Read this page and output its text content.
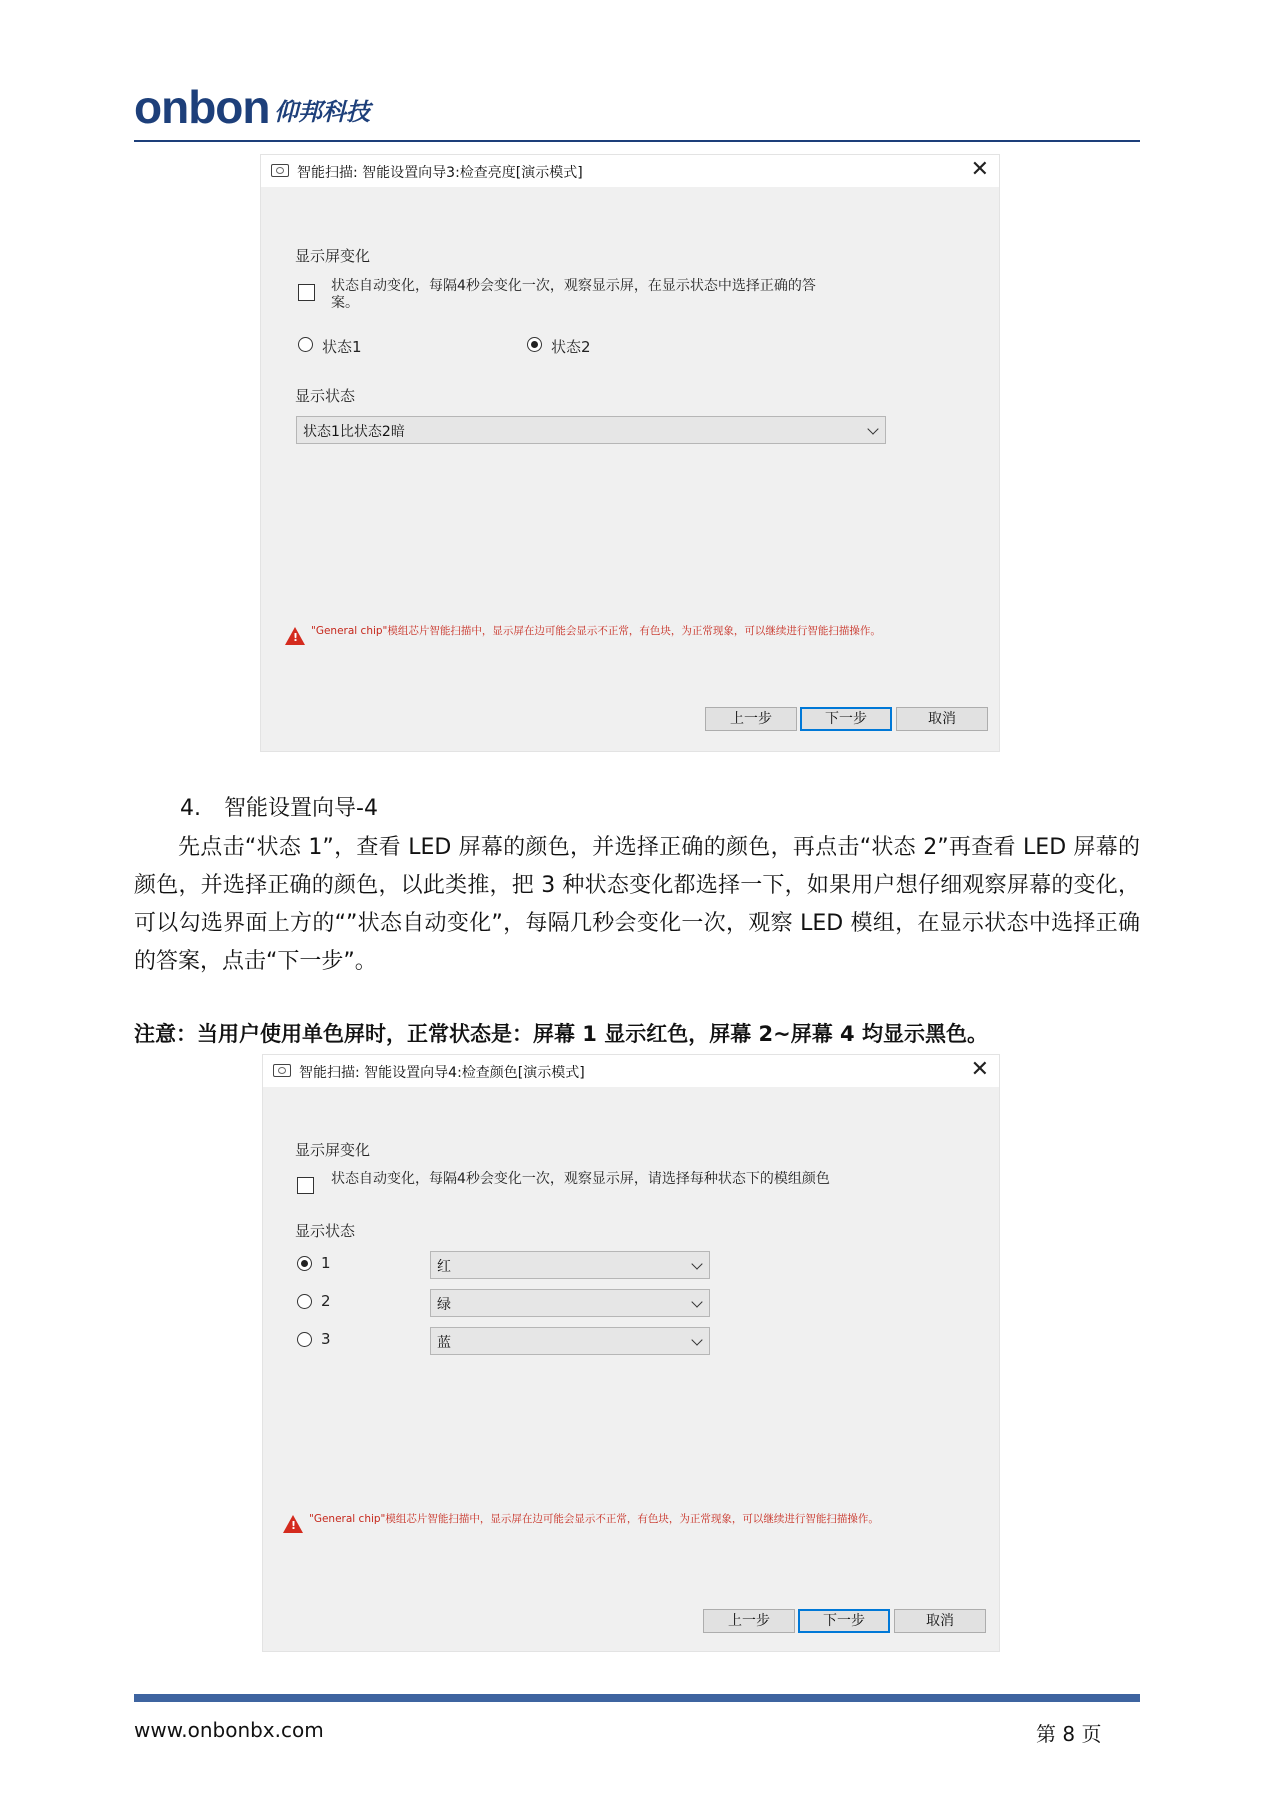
onbon 仰邦科技
智能扫描: 智能设置向导3:检查亮度[演示模式]	✕
显示屏变化
状态自动变化，每隔4秒会变化一次，观察显示屏，在显示状态中选择正确的答案。
状态1	状态2
显示状态
状态1比状态2暗
! "General chip"模组芯片智能扫描中，显示屏在边可能会显示不正常，有色块，为正常现象，可以继续进行智能扫描操作。
上一步	下一步	取消
4. 智能设置向导-4
先点击“状态 1”，查看 LED 屏幕的颜色，并选择正确的颜色，再点击“状态 2”再查看 LED 屏幕的颜色，并选择正确的颜色，以此类推，把 3 种状态变化都选择一下，如果用户想仔细观察屏幕的变化，可以勾选界面上方的“”状态自动变化”，每隔几秒会变化一次，观察 LED 模组，在显示状态中选择正确的答案，点击“下一步”。
注意：当用户使用单色屏时，正常状态是：屏幕 1 显示红色，屏幕 2~屏幕 4 均显示黑色。
智能扫描: 智能设置向导4:检查颜色[演示模式]	✕
显示屏变化
状态自动变化，每隔4秒会变化一次，观察显示屏，请选择每种状态下的模组颜色
显示状态
1	红
2	绿
3	蓝
! "General chip"模组芯片智能扫描中，显示屏在边可能会显示不正常，有色块，为正常现象，可以继续进行智能扫描操作。
上一步	下一步	取消
www.onbonbx.com	第 8 页
